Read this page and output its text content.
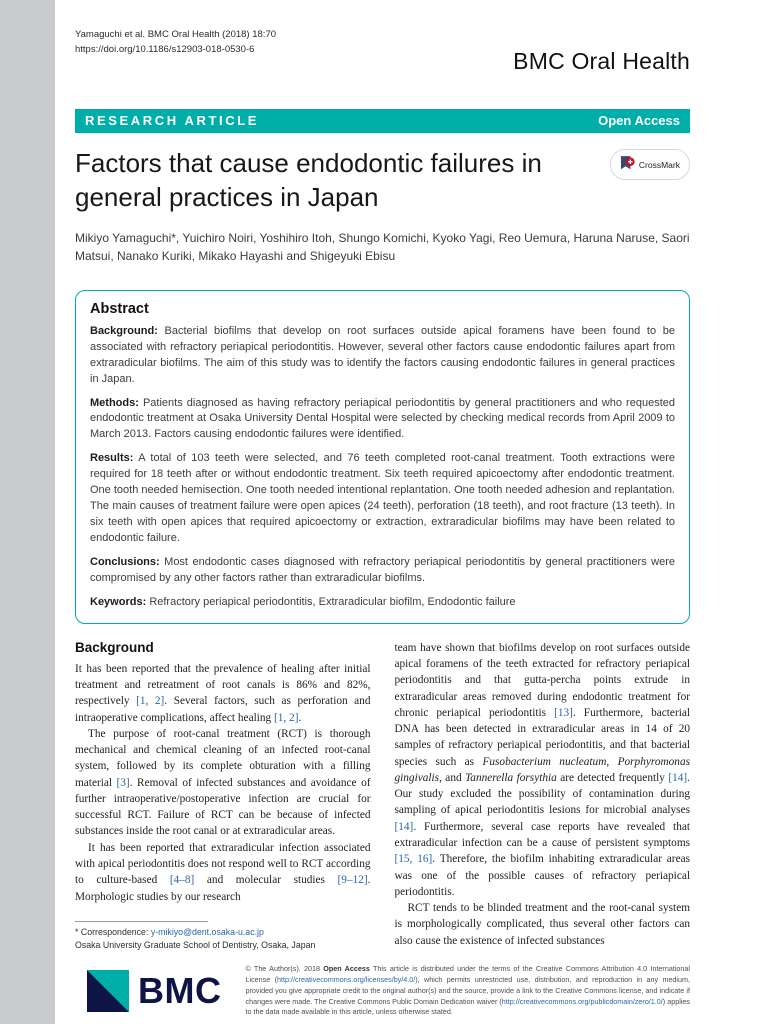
Yamaguchi et al. BMC Oral Health (2018) 18:70
https://doi.org/10.1186/s12903-018-0530-6	BMC Oral Health
RESEARCH ARTICLE	Open Access
Factors that cause endodontic failures in general practices in Japan
CrossMark

Mikiyo Yamaguchi*, Yuichiro Noiri, Yoshihiro Itoh, Shungo Komichi, Kyoko Yagi, Reo Uemura, Haruna Naruse, Saori Matsui, Nanako Kuriki, Mikako Hayashi and Shigeyuki Ebisu

Abstract

Background: Bacterial biofilms that develop on root surfaces outside apical foramens have been found to be associated with refractory periapical periodontitis. However, several other factors cause endodontic failures apart from extraradicular biofilms. The aim of this study was to identify the factors causing endodontic failures in general practices in Japan.

Methods: Patients diagnosed as having refractory periapical periodontitis by general practitioners and who requested endodontic treatment at Osaka University Dental Hospital were selected by checking medical records from April 2009 to March 2013. Factors causing endodontic failures were identified.

Results: A total of 103 teeth were selected, and 76 teeth completed root-canal treatment. Tooth extractions were required for 18 teeth after or without endodontic treatment. Six teeth required apicoectomy after endodontic treatment. One tooth needed hemisection. One tooth needed intentional replantation. One tooth needed adhesion and replantation. The main causes of treatment failure were open apices (24 teeth), perforation (18 teeth), and root fracture (13 teeth). In six teeth with open apices that required apicoectomy or extraction, extraradicular biofilms may have been related to endodontic failure.

Conclusions: Most endodontic cases diagnosed with refractory periapical periodontitis by general practitioners were compromised by any other factors rather than extraradicular biofilms.

Keywords: Refractory periapical periodontitis, Extraradicular biofilm, Endodontic failure

Background

It has been reported that the prevalence of healing after initial treatment and retreatment of root canals is 86% and 82%, respectively [1, 2]. Several factors, such as perforation and intraoperative complications, affect healing [1, 2].

The purpose of root-canal treatment (RCT) is thorough mechanical and chemical cleaning of an infected root-canal system, followed by its complete obturation with a filling material [3]. Removal of infected substances and avoidance of further intraoperative/postoperative infection are crucial for successful RCT. Failure of RCT can be because of infected substances inside the root canal or at extraradicular areas.

It has been reported that extraradicular infection associated with apical periodontitis does not respond well to RCT according to culture-based [4–8] and molecular studies [9–12]. Morphologic studies by our research

* Correspondence: y-mikiyo@dent.osaka-u.ac.jp
Osaka University Graduate School of Dentistry, Osaka, Japan

team have shown that biofilms develop on root surfaces outside apical foramens of the teeth extracted for refractory periapical periodontitis and that gutta-percha points extrude in extraradicular areas removed during endodontic treatment for chronic periapical periodontitis [13]. Furthermore, bacterial DNA has been detected in extraradicular areas in 14 of 20 samples of refractory periapical periodontitis, and that bacterial species such as Fusobacterium nucleatum, Porphyromonas gingivalis, and Tannerella forsythia are detected frequently [14]. Our study excluded the possibility of contamination during sampling of apical periodontitis lesions for microbial analyses [14]. Furthermore, several case reports have revealed that extraradicular infection can be a cause of persistent symptoms [15, 16]. Therefore, the biofilm inhabiting extraradicular areas was one of the possible causes of refractory periapical periodontitis.

RCT tends to be blinded treatment and the root-canal system is morphologically complicated, thus several other factors can also cause the existence of infected substances

BMC

© The Author(s). 2018 Open Access This article is distributed under the terms of the Creative Commons Attribution 4.0 International License (http://creativecommons.org/licenses/by/4.0/), which permits unrestricted use, distribution, and reproduction in any medium, provided you give appropriate credit to the original author(s) and the source, provide a link to the Creative Commons license, and indicate if changes were made. The Creative Commons Public Domain Dedication waiver (http://creativecommons.org/publicdomain/zero/1.0/) applies to the data made available in this article, unless otherwise stated.
